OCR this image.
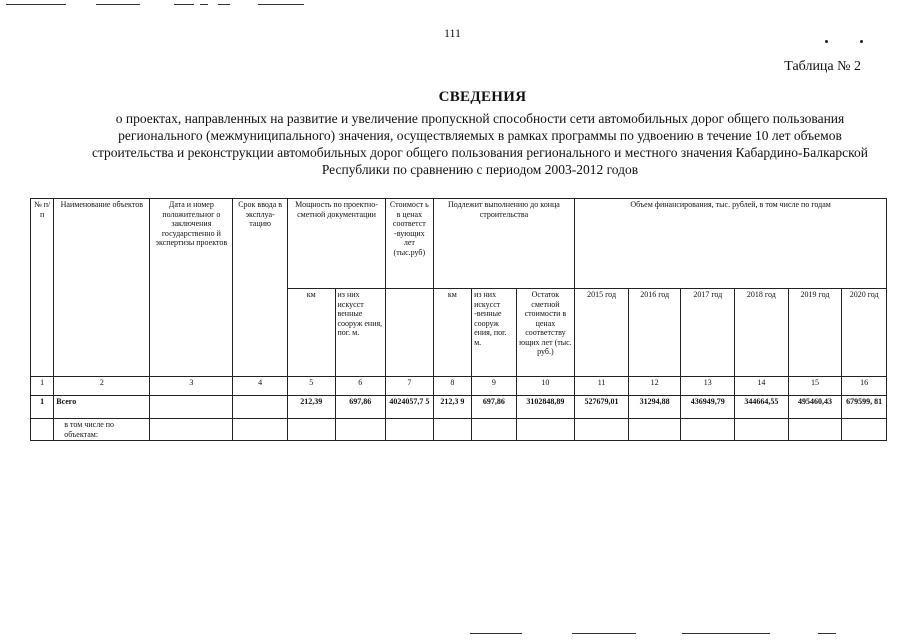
111
Таблица № 2
СВЕДЕНИЯ
о проектах, направленных на развитие и увеличение пропускной способности сети автомобильных дорог общего пользования регионального (межмуниципального) значения, осуществляемых в рамках программы по удвоению в течение 10 лет объемов строительства и реконструкции автомобильных дорог общего пользования регионального и местного значения Кабардино-Балкарской Республики по сравнению с периодом 2003-2012 годов
№ п/п	Наименование объектов	Дата и номер положительног о заключения государственно й экспертизы проектов	Срок ввода в эксплуа-тацию	Мощность по проектно-сметной документации		Стоимост ь в ценах соответст -вующих лет (тыс.руб)	Подлежит выполнению до конца строительства			Объем финансирования, тыс. рублей, в том числе по годам					
				км	из них искусст венные сооруж ения, пог. м.		км	из них искусст -венные сооруж ения, пог. м.	Остаток сметной стоимости в ценах соответству ющих лет (тыс. руб.)	2015 год	2016 год	2017 год	2018 год	2019 год	2020 год
1	2	3	4	5	6	7	8	9	10	11	12	13	14	15	16
1	Всего			212,39	697,86	4024057,7 5	212,3 9	697,86	3102848,89	527679,01	31294,88	436949,79	344664,55	495460,43	679599, 81
	в том числе по объектам:														
